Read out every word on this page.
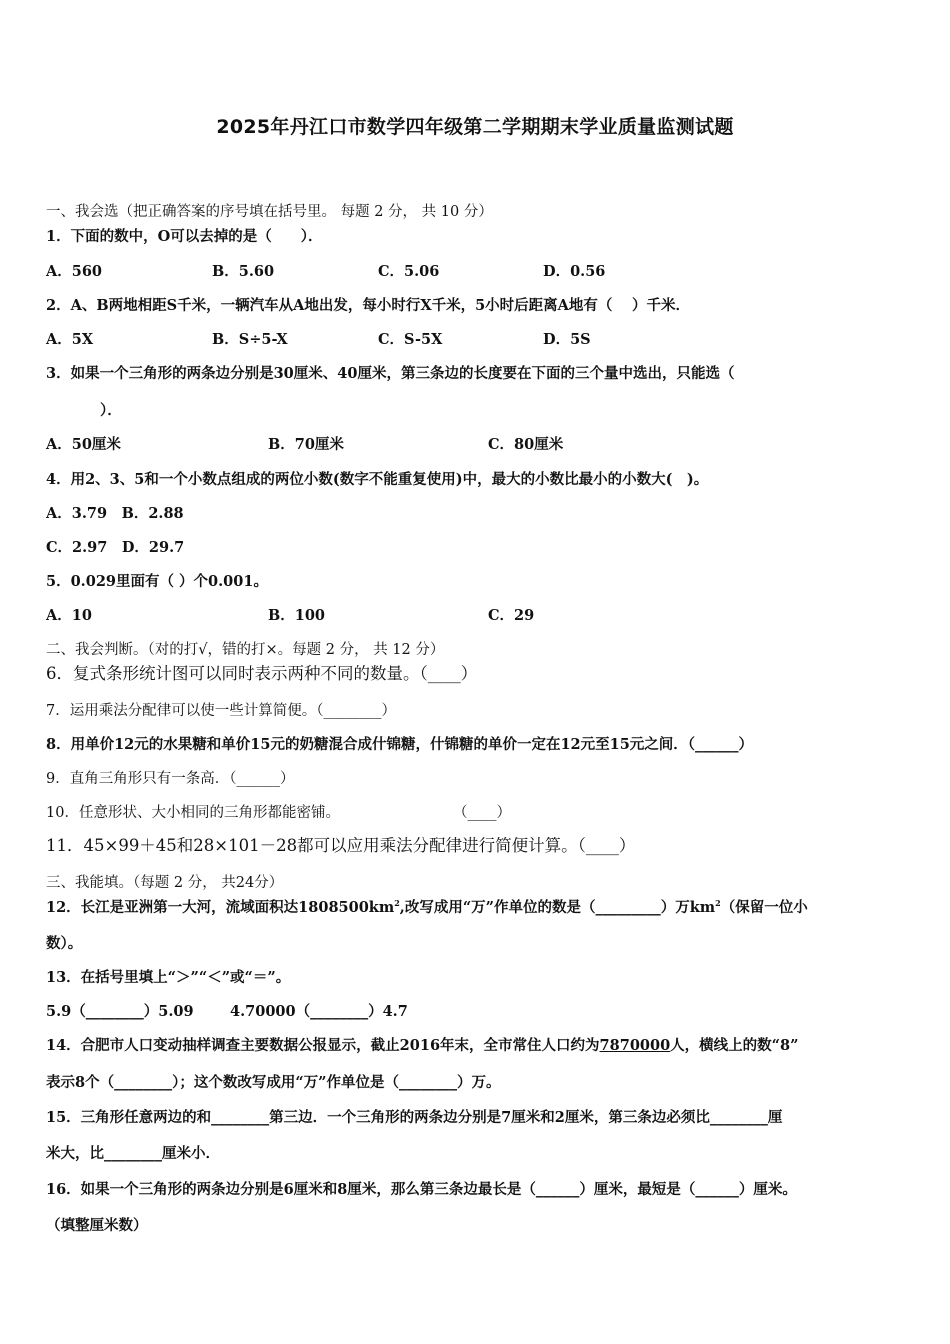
2025年丹江口市数学四年级第二学期期末学业质量监测试题
一、我会选（把正确答案的序号填在括号里。 每题 2 分， 共 10 分）
1．下面的数中，O可以去掉的是（　　）．
A．560	B．5.60	C．5.06	D．0.56
2．A、B两地相距S千米，一辆汽车从A地出发，每小时行X千米，5小时后距离A地有（　 ）千米．
A．5X	B．S÷5-X	C．S-5X	D．5S
3．如果一个三角形的两条边分别是30厘米、40厘米，第三条边的长度要在下面的三个量中选出，只能选（
）．
A．50厘米	B．70厘米	C．80厘米
4．用2、3、5和一个小数点组成的两位小数(数字不能重复使用)中，最大的小数比最小的小数大(　)。
A．3.79　B．2.88
C．2.97　D．29.7
5．0.029里面有（ ）个0.001。
A．10	B．100	C．29
二、我会判断。（对的打√，错的打×。每题 2 分， 共 12 分）
6．复式条形统计图可以同时表示两种不同的数量。（____）
7．运用乘法分配律可以使一些计算简便。（________）
8．用单价12元的水果糖和单价15元的奶糖混合成什锦糖，什锦糖的单价一定在12元至15元之间．（______）
9．直角三角形只有一条高．（______）
10．任意形状、大小相同的三角形都能密铺。	（____）
11．45×99＋45和28×101－28都可以应用乘法分配律进行简便计算。（____）
三、我能填。（每题 2 分， 共24分）
12．长江是亚洲第一大河，流域面积达$1808500km^2$,改写成用“万”作单位的数是（_________）万$km^2$（保留一位小
数）。
13．在括号里填上“＞”“＜”或“＝”。
5.9（________）5.09	4.70000（________）4.7
14．合肥市人口变动抽样调查主要数据公报显示，截止2016年末，全市常住人口约为7870000人，横线上的数“8”
表示8个（________）；这个数改写成用“万”作单位是（________）万。
15．三角形任意两边的和________第三边．一个三角形的两条边分别是7厘米和2厘米，第三条边必须比________厘
米大，比________厘米小．
16．如果一个三角形的两条边分别是6厘米和8厘米，那么第三条边最长是（______）厘米，最短是（______）厘米。
（填整厘米数）
